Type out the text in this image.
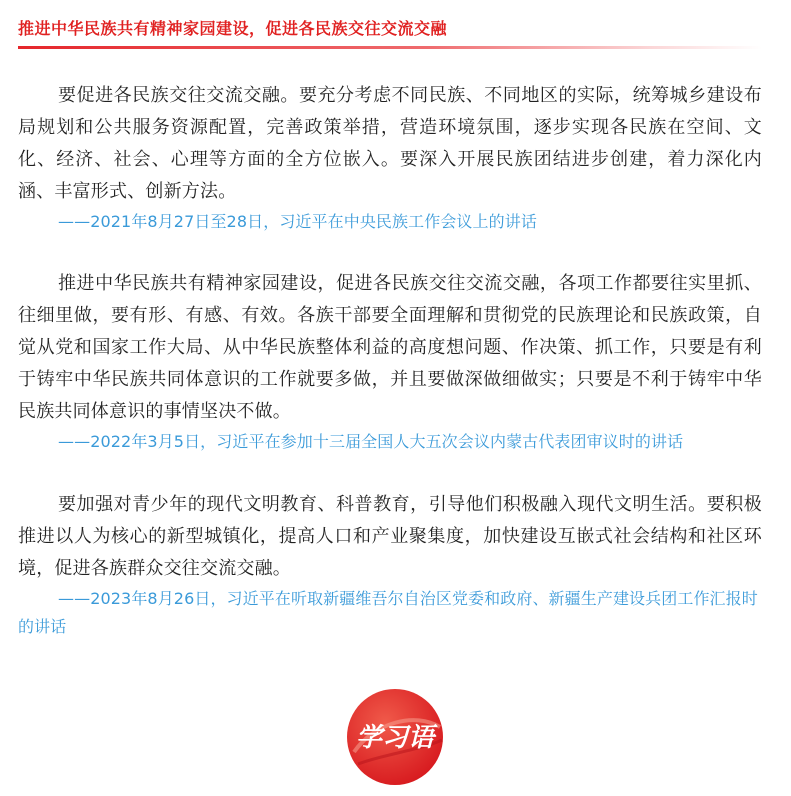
推进中华民族共有精神家园建设，促进各民族交往交流交融

要促进各民族交往交流交融。要充分考虑不同民族、不同地区的实际，统筹城乡建设布局规划和公共服务资源配置，完善政策举措，营造环境氛围，逐步实现各民族在空间、文化、经济、社会、心理等方面的全方位嵌入。要深入开展民族团结进步创建，着力深化内涵、丰富形式、创新方法。

——2021年8月27日至28日，习近平在中央民族工作会议上的讲话

推进中华民族共有精神家园建设，促进各民族交往交流交融，各项工作都要往实里抓、往细里做，要有形、有感、有效。各族干部要全面理解和贯彻党的民族理论和民族政策，自觉从党和国家工作大局、从中华民族整体利益的高度想问题、作决策、抓工作，只要是有利于铸牢中华民族共同体意识的工作就要多做，并且要做深做细做实；只要是不利于铸牢中华民族共同体意识的事情坚决不做。

——2022年3月5日，习近平在参加十三届全国人大五次会议内蒙古代表团审议时的讲话

要加强对青少年的现代文明教育、科普教育，引导他们积极融入现代文明生活。要积极推进以人为核心的新型城镇化，提高人口和产业聚集度，加快建设互嵌式社会结构和社区环境，促进各族群众交往交流交融。

——2023年8月26日，习近平在听取新疆维吾尔自治区党委和政府、新疆生产建设兵团工作汇报时的讲话

学习语
